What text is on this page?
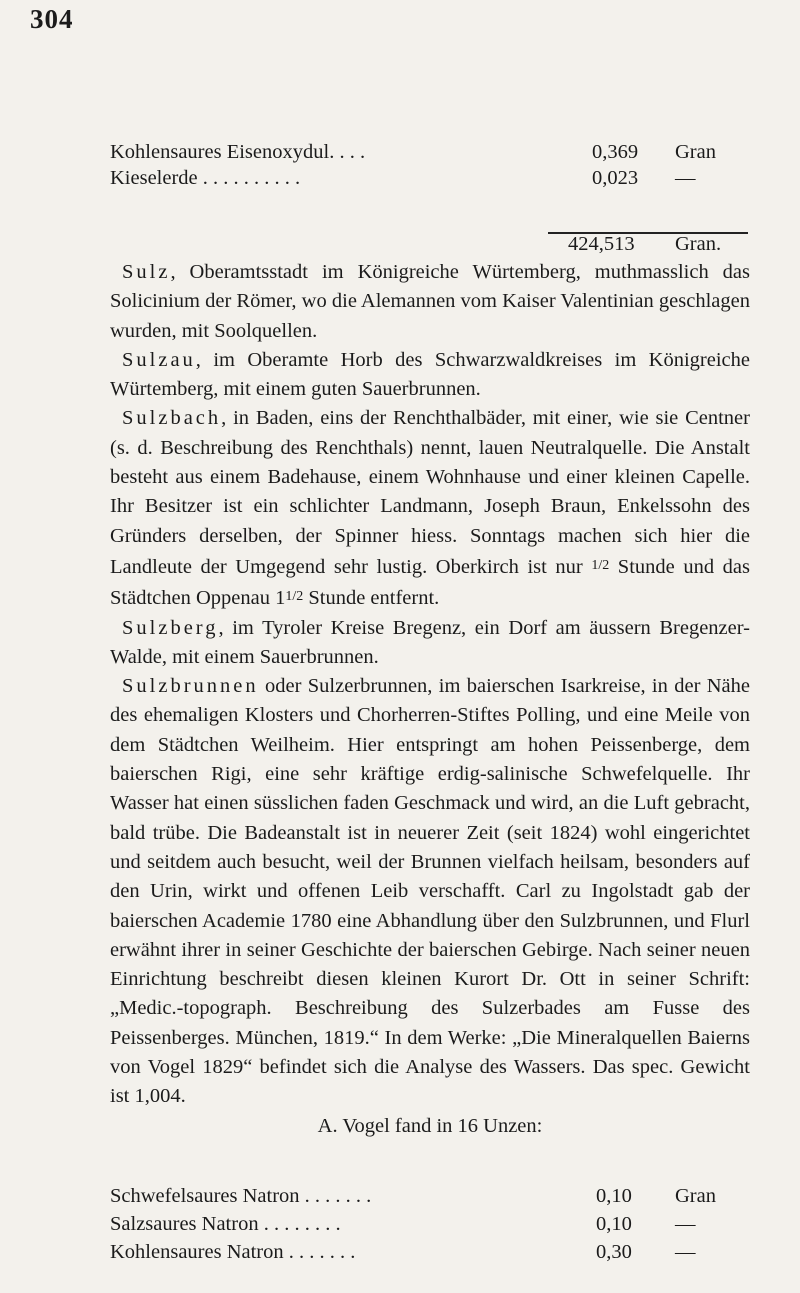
304
Kohlensaures Eisenoxydul. . . .	0,369 Gran
Kieselerde . . . . . . . . . .	0,023 —
424,513 Gran.

Sulz, Oberamtsstadt im Königreiche Würtemberg, muthmasslich das Solicinium der Römer, wo die Alemannen vom Kaiser Valentinian geschlagen wurden, mit Soolquellen.

Sulzau, im Oberamte Horb des Schwarzwaldkreises im Königreiche Würtemberg, mit einem guten Sauerbrunnen.

Sulzbach, in Baden, eins der Renchthalbäder, mit einer, wie sie Centner (s. d. Beschreibung des Renchthals) nennt, lauen Neutralquelle. Die Anstalt besteht aus einem Badehause, einem Wohnhause und einer kleinen Capelle. Ihr Besitzer ist ein schlichter Landmann, Joseph Braun, Enkelssohn des Gründers derselben, der Spinner hiess. Sonntags machen sich hier die Landleute der Umgegend sehr lustig. Oberkirch ist nur 1/2 Stunde und das Städtchen Oppenau 11/2 Stunde entfernt.

Sulzberg, im Tyroler Kreise Bregenz, ein Dorf am äussern Bregenzer-Walde, mit einem Sauerbrunnen.

Sulzbrunnen oder Sulzerbrunnen, im baierschen Isarkreise, in der Nähe des ehemaligen Klosters und Chorherren-Stiftes Polling, und eine Meile von dem Städtchen Weilheim. Hier entspringt am hohen Peissenberge, dem baierschen Rigi, eine sehr kräftige erdig-salinische Schwefelquelle. Ihr Wasser hat einen süsslichen faden Geschmack und wird, an die Luft gebracht, bald trübe. Die Badeanstalt ist in neuerer Zeit (seit 1824) wohl eingerichtet und seitdem auch besucht, weil der Brunnen vielfach heilsam, besonders auf den Urin, wirkt und offenen Leib verschafft. Carl zu Ingolstadt gab der baierschen Academie 1780 eine Abhandlung über den Sulzbrunnen, und Flurl erwähnt ihrer in seiner Geschichte der baierschen Gebirge. Nach seiner neuen Einrichtung beschreibt diesen kleinen Kurort Dr. Ott in seiner Schrift: „Medic.-topograph. Beschreibung des Sulzerbades am Fusse des Peissenberges. München, 1819.“ In dem Werke: „Die Mineralquellen Baierns von Vogel 1829“ befindet sich die Analyse des Wassers. Das spec. Gewicht ist 1,004.

A. Vogel fand in 16 Unzen:

Schwefelsaures Natron . . . . . . .	0,10 Gran
Salzsaures Natron . . . . . . . .	0,10 —
Kohlensaures Natron . . . . . . .	0,30 —
